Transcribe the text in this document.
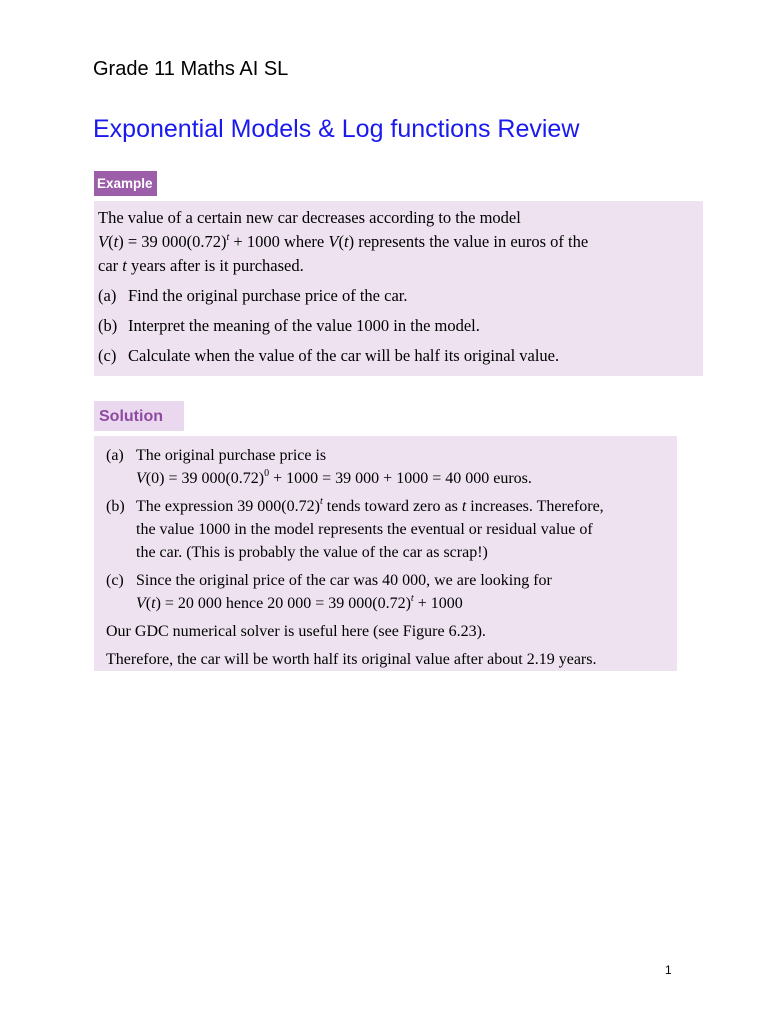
Grade 11 Maths AI SL
Exponential Models & Log functions Review
Example
The value of a certain new car decreases according to the model
V(t) = 39 $000(0.72)^t + 1000$ where V(t) represents the value in euros of the
car t years after is it purchased.
(a) Find the original purchase price of the car.
(b) Interpret the meaning of the value 1000 in the model.
(c) Calculate when the value of the car will be half its original value.
Solution
(a) The original purchase price is
V(0) = 39 $000(0.72)^0 + 1000 = 39$ 000 + 1000 = 40 000 euros.
(b) The expression 39 $000(0.72)^t$ tends toward zero as t increases. Therefore,
the value 1000 in the model represents the eventual or residual value of
the car. (This is probably the value of the car as scrap!)
(c) Since the original price of the car was 40 000, we are looking for
V(t) = 20 000 hence 20 000 = 39 $000(0.72)^t + 1000$
Our GDC numerical solver is useful here (see Figure 6.23).
Therefore, the car will be worth half its original value after about 2.19 years.
1
